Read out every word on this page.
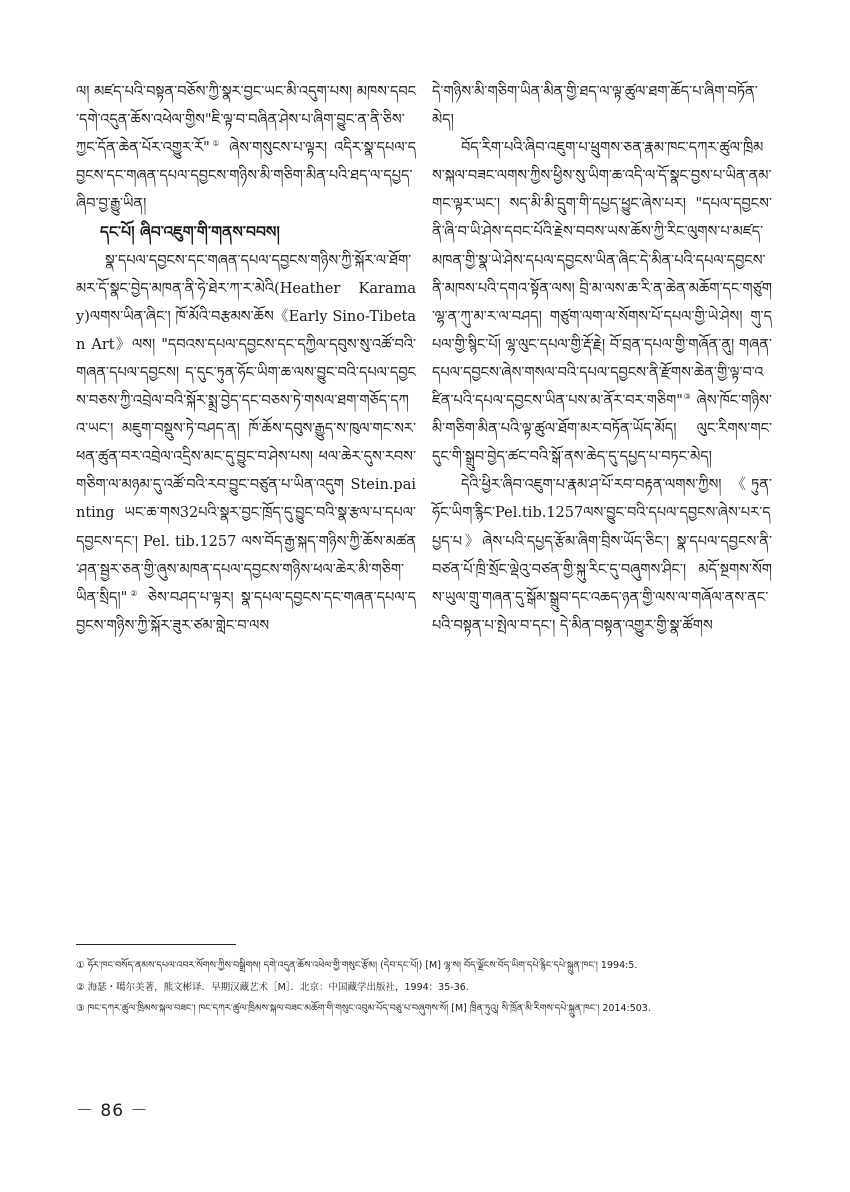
ལ། མཛད་པའི་བསྟན་བཅོས་ཀྱི་སྣར་བྱང་ཡང་མི་འདུག་པས། མཁས་དབང་དགེ་འདུན་ཆོས་འཕེལ་གྱིས"ཇི་ལྟ་བ་བཞིན་ཤེས་པ་ཞིག་བྱུང་ན་ནི་ཅིས་ཀྱང་དོན་ཆེན་པོར་འགྱུར་རོ"① ཞེས་གསུངས་པ་ལྟར། འདིར་སྣ་དཔལ་དབྱངས་དང་གཞན་དཔལ་དབྱངས་གཉིས་མི་གཅིག་མིན་པའི་ཐད་ལ་དཔྱད་ཞིབ་བྱ་རྒྱུ་ཡིན།

དང་པོ། ཞིབ་འཇུག་གི་གནས་བབས།

སྣ་དཔལ་དབྱངས་དང་གཞན་དཔལ་དབྱངས་གཉིས་ཀྱི་སྐོར་ལ་ཐོག་མར་དོ་སྣང་བྱེད་མཁན་ནི་ཧེ་ཐེར་ཀ་ར་མེའི(Heather Karamay)ལགས་ཡིན་ཞིང་། ཁོ་མོའི་བརྩམས་ཆོས《Early Sino-Tibetan Art》ལས། "དབའས་དཔལ་དབྱངས་དང་དཀྱིལ་དབུས་སུ་འཚོ་བའི་གཞན་དཔལ་དབྱངས། ད་དུང་ཏུན་ཧོང་ཡིག་ཆ་ལས་བྱུང་བའི་དཔལ་དབྱངས་བཅས་ཀྱི་འབྲེལ་བའི་སྐོར་སྨྲ་བྱེད་དང་བཅས་ཏེ་གསལ་ཐག་གཅོད་དཀའ་ཡང་། མཇུག་བསྡུས་ཏེ་བཤད་ན། ཁོ་ཆོས་དབུས་རྒྱུད་ས་ཁུལ་གང་སར་ཕན་ཚུན་བར་འབྲེལ་འདྲིས་མང་དུ་བྱུང་བ་ཤེས་པས། ཕལ་ཆེར་དུས་རབས་གཅིག་ལ་མཉམ་དུ་འཚོ་བའི་རབ་བྱུང་བཙུན་པ་ཡིན་འདུག Stein.painting ཡང་ཆ་གས32པའི་སྣར་བྱང་ཁྲོད་དུ་བྱུང་བའི་སྣ་རྩལ་པ་དཔལ་དབྱངས་དང་། Pel. tib.1257 ལས་བོད་རྒྱ་སྐད་གཉིས་ཀྱི་ཆོས་མཚན་ཤན་སྦྱར་ཅན་གྱི་ཞུས་མཁན་དཔལ་དབྱངས་གཉིས་ཕལ་ཆེར་མི་གཅིག་ཡིན་སྲིད།"② ཅེས་བཤད་པ་ལྟར། སྣ་དཔལ་དབྱངས་དང་གཞན་དཔལ་དབྱངས་གཉིས་ཀྱི་སྐོར་ཟུར་ཙམ་གླེང་བ་ལས

དེ་གཉིས་མི་གཅིག་ཡིན་མིན་གྱི་ཐད་ལ་ལྟ་ཚུལ་ཐག་ཆོད་པ་ཞིག་བཏོན་མེད།

བོད་རིག་པའི་ཞིབ་འཇུག་པ་ཕྲུགས་ཅན་རྣམ་ཁང་དཀར་ཚུལ་ཁྲིམས་སྐལ་བཟང་ལགས་ཀྱིས་ཕྱིས་སུ་ཡིག་ཆ་འདི་ལ་དོ་སྣང་བྱས་པ་ཡིན་ནམ་གང་ལྟར་ཡང་། སད་མི་མི་དྲུག་གི་དཔྱད་ཕྱུང་ཞེས་པར། "དཔལ་དབྱངས་ནི་ཞི་བ་ཡི་ཤེས་དབང་པོའི་རྗེས་བབས་ཡས་ཆོས་ཀྱི་རིང་ལུགས་པ་མཛད་མཁན་གྱི་སྣ་ཡེ་ཤེས་དཔལ་དབྱངས་ཡིན་ཞིང་དེ་མིན་པའི་དཔལ་དབྱངས་ནི་མཁས་པའི་དགའ་སྟོན་ལས། བྲི་མ་ལས་ཆ་རི་ན་ཆེན་མཆོག་དང་གཙུག་ལྷ་ན་ཀུ་མ་ར་ལ་བཤད། གཙུག་ལག་ལ་སོགས་པོ་དཔལ་གྱི་ཡེ་ཤེས། གུ་དཔལ་གྱི་སྙིང་པོ། ལྷ་ལུང་དཔལ་གྱི་རྡོ་རྗེ། བོ་བྲན་དཔལ་གྱི་གཞོན་ནུ། གཞན་དཔལ་དབྱངས་ཞེས་གསལ་བའི་དཔལ་དབྱངས་ནི་རྫོགས་ཆེན་གྱི་ལྟ་བ་འཛིན་པའི་དཔལ་དབྱངས་ཡིན་པས་མ་ནོར་བར་གཅིག"③ ཞེས་ཁོང་གཉིས་མི་གཅིག་མིན་པའི་ལྟ་ཚུལ་ཐོག་མར་བཏོན་ཡོད་མོད། ལུང་རིགས་གང་དུང་གི་སྒྲུབ་བྱེད་ཚང་བའི་སྒོ་ནས་ཆེད་དུ་དཔྱད་པ་བཏང་མེད།

དེའི་ཕྱིར་ཞིབ་འཇུག་པ་རྣམ་ཤ་པོ་རབ་བརྟན་ལགས་ཀྱིས། 《ཏུན་ཧོང་ཡིག་རྙིང་Pel.tib.1257ལས་བྱུང་བའི་དཔལ་དབྱངས་ཞེས་པར་དཔྱད་པ》ཞེས་པའི་དཔྱད་རྩོམ་ཞིག་བྲིས་ཡོད་ཅིང་། སྣ་དཔལ་དབྱངས་ནི་བཙན་པོ་ཁྲི་སྲོང་ལྡེའུ་བཙན་གྱི་སྐུ་རིང་དུ་བཞུགས་ཤིང་། མདོ་སྔགས་སོགས་ཡུལ་གྲུ་གཞན་དུ་སྒོམ་སྒྲུབ་དང་འཆད་ཉན་གྱི་ལས་ལ་གཞོལ་ནས་ནང་པའི་བསྟན་པ་སྤེལ་བ་དང་། དེ་མིན་བསྟན་འགྱུར་གྱི་སྣ་ཚོགས

① ཧོར་ཁང་བསོད་ནམས་དཔལ་འབར་སོགས་ཀྱིས་བསྒྲིགས། དགེ་འདུན་ཆོས་འཕེལ་གྱི་གསུང་རྩོམ། (དེབ་དང་པོ།) [M] ལྷ་ས། བོད་ལྗོངས་བོད་ཡིག་དཔེ་རྙིང་དཔེ་སྐྲུན་ཁང་། 1994:5.

② 海瑟・噶尔美著，熊文彬译．早期汉藏艺术［M］．北京：中国藏学出版社，1994：35-36.

③ ཁང་དཀར་ཚུལ་ཁྲིམས་སྐལ་བཟང་། ཁང་དཀར་ཚུལ་ཁྲིམས་སྐལ་བཟང་མཆོག་གི་གསུང་འབུམ་པོད་བཅུ་པ་བཞུགས་སོ། [M] ཁྲིན་ཏུའུ། སི་ཁྲོན་མི་རིགས་དཔེ་སྐྲུན་ཁང་། 2014:503.

－ 86 －
